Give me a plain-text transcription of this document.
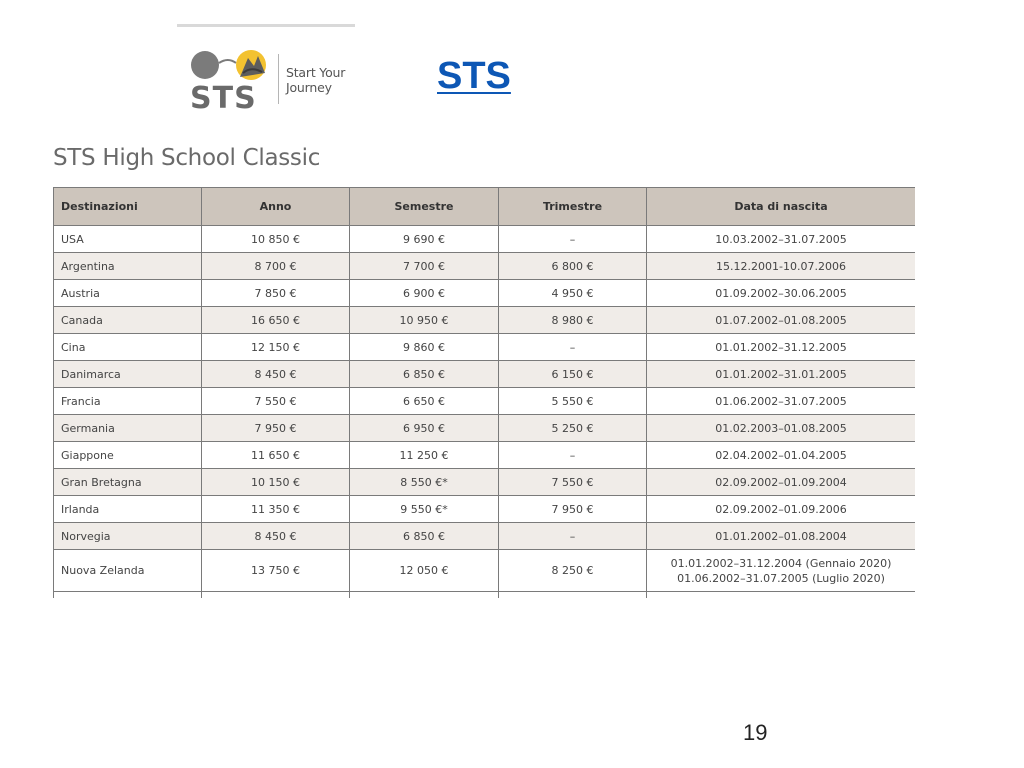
STS
Start Your
Journey	STS
STS High School Classic
Destinazioni	Anno	Semestre	Trimestre	Data di nascita
USA	10 850 €	9 690 €	–	10.03.2002–31.07.2005
Argentina	8 700 €	7 700 €	6 800 €	15.12.2001-10.07.2006
Austria	7 850 €	6 900 €	4 950 €	01.09.2002–30.06.2005
Canada	16 650 €	10 950 €	8 980 €	01.07.2002–01.08.2005
Cina	12 150 €	9 860 €	–	01.01.2002–31.12.2005
Danimarca	8 450 €	6 850 €	6 150 €	01.01.2002–31.01.2005
Francia	7 550 €	6 650 €	5 550 €	01.06.2002–31.07.2005
Germania	7 950 €	6 950 €	5 250 €	01.02.2003–01.08.2005
Giappone	11 650 €	11 250 €	–	02.04.2002–01.04.2005
Gran Bretagna	10 150 €	8 550 €*	7 550 €	02.09.2002–01.09.2004
Irlanda	11 350 €	9 550 €*	7 950 €	02.09.2002–01.09.2006
Norvegia	8 450 €	6 850 €	–	01.01.2002–01.08.2004
Nuova Zelanda	13 750 €	12 050 €	8 250 €	01.01.2002–31.12.2004 (Gennaio 2020)
01.06.2002–31.07.2005 (Luglio 2020)

19
